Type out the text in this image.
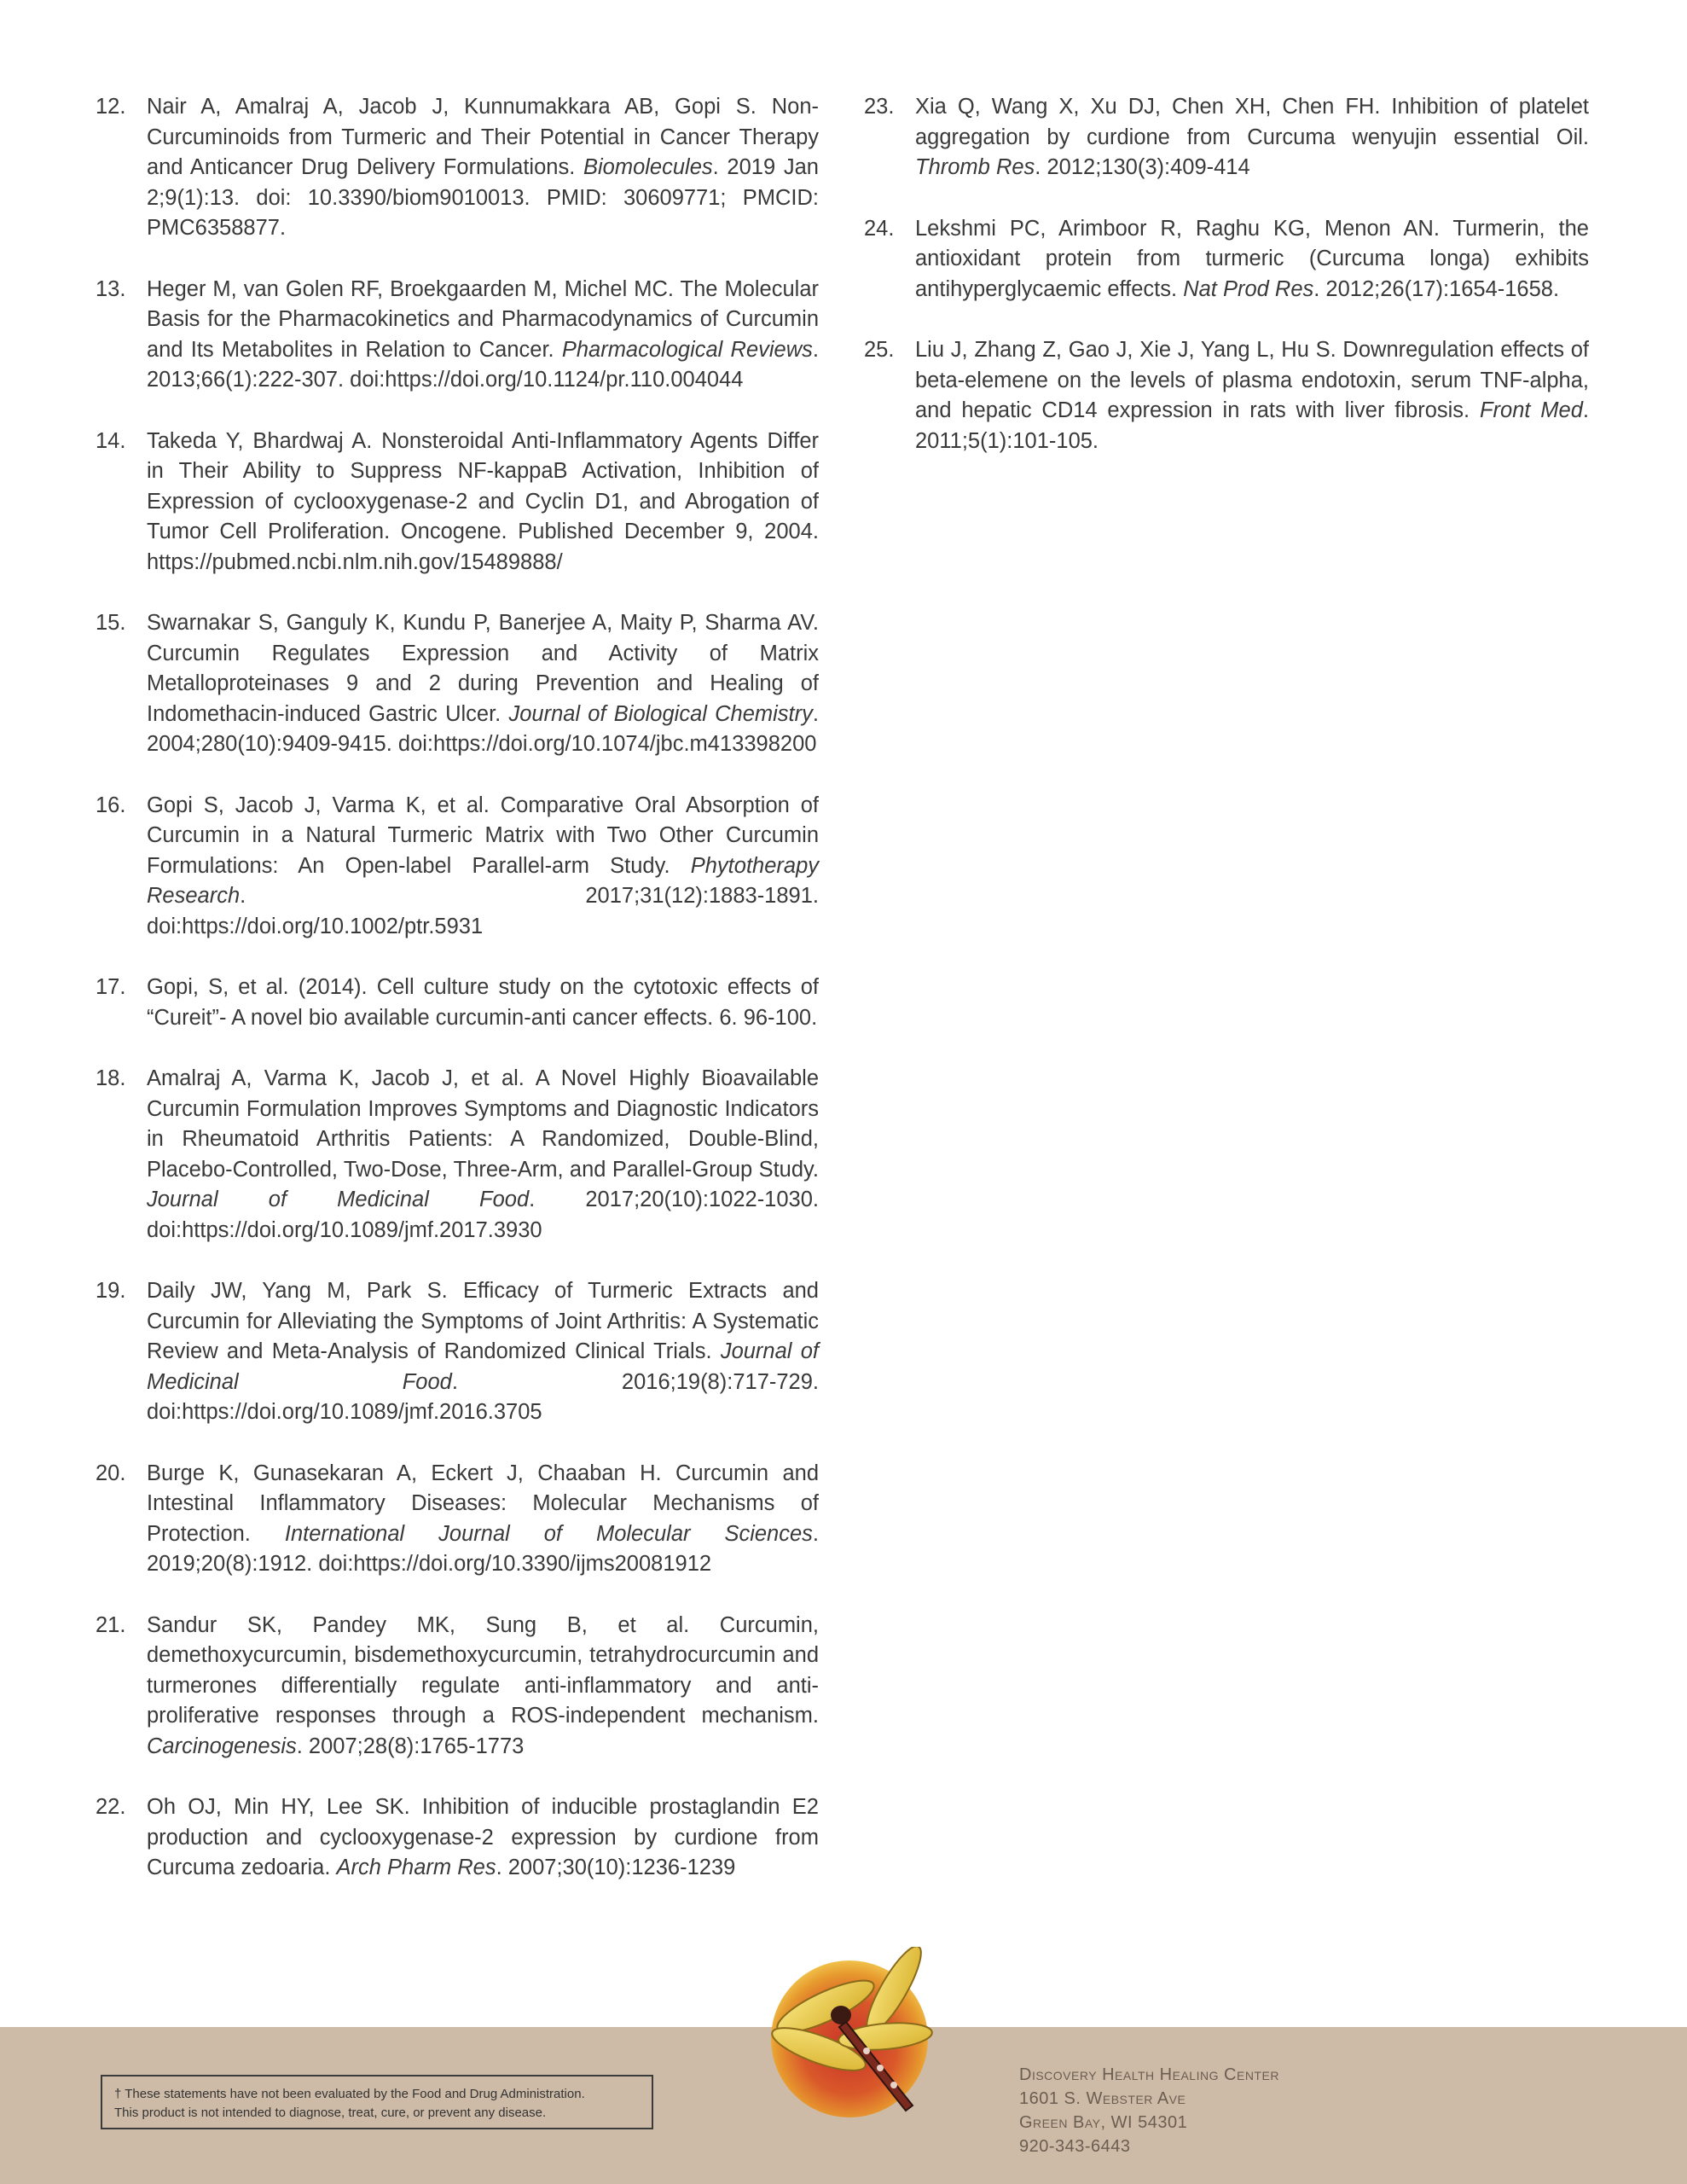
12. Nair A, Amalraj A, Jacob J, Kunnumakkara AB, Gopi S. Non-Curcuminoids from Turmeric and Their Potential in Cancer Therapy and Anticancer Drug Delivery Formulations. Biomolecules. 2019 Jan 2;9(1):13. doi: 10.3390/biom9010013. PMID: 30609771; PMCID: PMC6358877.
13. Heger M, van Golen RF, Broekgaarden M, Michel MC. The Molecular Basis for the Pharmacokinetics and Pharmacodynamics of Curcumin and Its Metabolites in Relation to Cancer. Pharmacological Reviews. 2013;66(1):222-307. doi:https://doi.org/10.1124/pr.110.004044
14. Takeda Y, Bhardwaj A. Nonsteroidal Anti-Inflammatory Agents Differ in Their Ability to Suppress NF-kappaB Activation, Inhibition of Expression of cyclooxygenase-2 and Cyclin D1, and Abrogation of Tumor Cell Proliferation. Oncogene. Published December 9, 2004. https://pubmed.ncbi.nlm.nih.gov/15489888/
15. Swarnakar S, Ganguly K, Kundu P, Banerjee A, Maity P, Sharma AV. Curcumin Regulates Expression and Activity of Matrix Metalloproteinases 9 and 2 during Prevention and Healing of Indomethacin-induced Gastric Ulcer. Journal of Biological Chemistry. 2004;280(10):9409-9415. doi:https://doi.org/10.1074/jbc.m413398200
16. Gopi S, Jacob J, Varma K, et al. Comparative Oral Absorption of Curcumin in a Natural Turmeric Matrix with Two Other Curcumin Formulations: An Open-label Parallel-arm Study. Phytotherapy Research. 2017;31(12):1883-1891. doi:https://doi.org/10.1002/ptr.5931
17. Gopi, S, et al. (2014). Cell culture study on the cytotoxic effects of “Cureit”- A novel bio available curcumin-anti cancer effects. 6. 96-100.
18. Amalraj A, Varma K, Jacob J, et al. A Novel Highly Bioavailable Curcumin Formulation Improves Symptoms and Diagnostic Indicators in Rheumatoid Arthritis Patients: A Randomized, Double-Blind, Placebo-Controlled, Two-Dose, Three-Arm, and Parallel-Group Study. Journal of Medicinal Food. 2017;20(10):1022-1030. doi:https://doi.org/10.1089/jmf.2017.3930
19. Daily JW, Yang M, Park S. Efficacy of Turmeric Extracts and Curcumin for Alleviating the Symptoms of Joint Arthritis: A Systematic Review and Meta-Analysis of Randomized Clinical Trials. Journal of Medicinal Food. 2016;19(8):717-729. doi:https://doi.org/10.1089/jmf.2016.3705
20. Burge K, Gunasekaran A, Eckert J, Chaaban H. Curcumin and Intestinal Inflammatory Diseases: Molecular Mechanisms of Protection. International Journal of Molecular Sciences. 2019;20(8):1912. doi:https://doi.org/10.3390/ijms20081912
21. Sandur SK, Pandey MK, Sung B, et al. Curcumin, demethoxycurcumin, bisdemethoxycurcumin, tetrahydrocurcumin and turmerones differentially regulate anti-inflammatory and anti-proliferative responses through a ROS-independent mechanism. Carcinogenesis. 2007;28(8):1765-1773
22. Oh OJ, Min HY, Lee SK. Inhibition of inducible prostaglandin E2 production and cyclooxygenase-2 expression by curdione from Curcuma zedoaria. Arch Pharm Res. 2007;30(10):1236-1239
23. Xia Q, Wang X, Xu DJ, Chen XH, Chen FH. Inhibition of platelet aggregation by curdione from Curcuma wenyujin essential Oil. Thromb Res. 2012;130(3):409-414
24. Lekshmi PC, Arimboor R, Raghu KG, Menon AN. Turmerin, the antioxidant protein from turmeric (Curcuma longa) exhibits antihyperglycaemic effects. Nat Prod Res. 2012;26(17):1654-1658.
25. Liu J, Zhang Z, Gao J, Xie J, Yang L, Hu S. Downregulation effects of beta-elemene on the levels of plasma endotoxin, serum TNF-alpha, and hepatic CD14 expression in rats with liver fibrosis. Front Med. 2011;5(1):101-105.
† These statements have not been evaluated by the Food and Drug Administration.
This product is not intended to diagnose, treat, cure, or prevent any disease.
Discovery Health Healing Center
1601 S. Webster Ave
Green Bay, WI 54301
920-343-6443
